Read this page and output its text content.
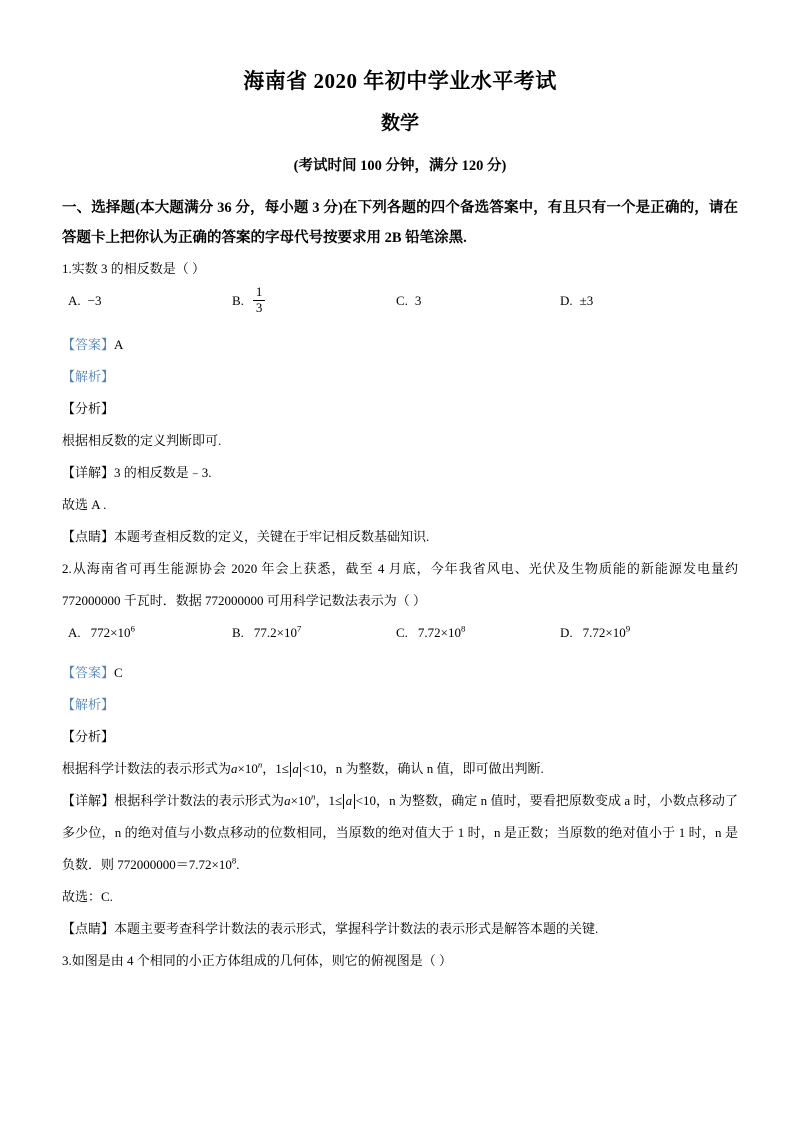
海南省 2020 年初中学业水平考试
数学
(考试时间 100 分钟，满分 120 分)
一、选择题(本大题满分 36 分，每小题 3 分)在下列各题的四个备选答案中，有且只有一个是正确的，请在答题卡上把你认为正确的答案的字母代号按要求用 2B 铅笔涂黑.
1.实数 3 的相反数是（ ）
A. −3	B. $\frac{1}{3}$	C. 3	D. ±3
【答案】A
【解析】
【分析】
根据相反数的定义判断即可.
【详解】3 的相反数是﹣3.
故选 A .
【点睛】本题考查相反数的定义，关键在于牢记相反数基础知识.
2.从海南省可再生能源协会 2020 年会上获悉，截至 4 月底，今年我省风电、光伏及生物质能的新能源发电量约 772000000 千瓦时．数据 772000000 可用科学记数法表示为（ ）
A. $772\times 10^6$	B. $77.2\times 10^7$	C. $7.72\times 10^8$	D. $7.72\times 10^9$
【答案】C
【解析】
【分析】
根据科学计数法的表示形式为$a\times 10^n$，1≤ a <10，n 为整数，确认 n 值，即可做出判断.
【详解】根据科学计数法的表示形式为$a\times 10^n$，1≤ a <10，n 为整数，确定 n 值时，要看把原数变成 a 时，小数点移动了多少位，n 的绝对值与小数点移动的位数相同，当原数的绝对值大于 1 时，n 是正数；当原数的绝对值小于 1 时，n 是负数．则 $772000000=7.72\times 10^8$.
故选：C.
【点睛】本题主要考查科学计数法的表示形式，掌握科学计数法的表示形式是解答本题的关键.
3.如图是由 4 个相同的小正方体组成的几何体，则它的俯视图是（ ）
